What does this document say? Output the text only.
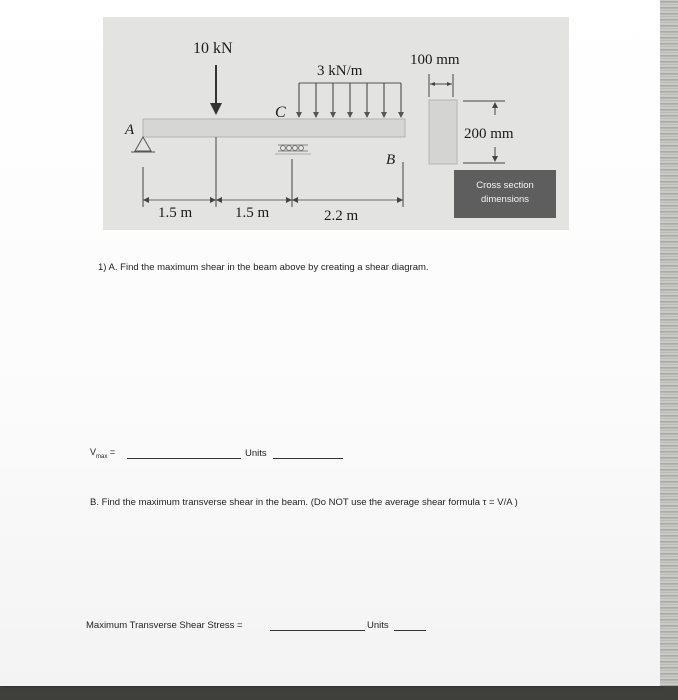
10 kN
3 kN/m
A
C
B
1.5 m	1.5 m	2.2 m
100 mm
200 mm
Cross section
dimensions
1) A. Find the maximum shear in the beam above by creating a shear diagram.
$V_{max}$ =	Units
B. Find the maximum transverse shear in the beam. (Do NOT use the average shear formula τ = V/A )
Maximum Transverse Shear Stress =	Units
